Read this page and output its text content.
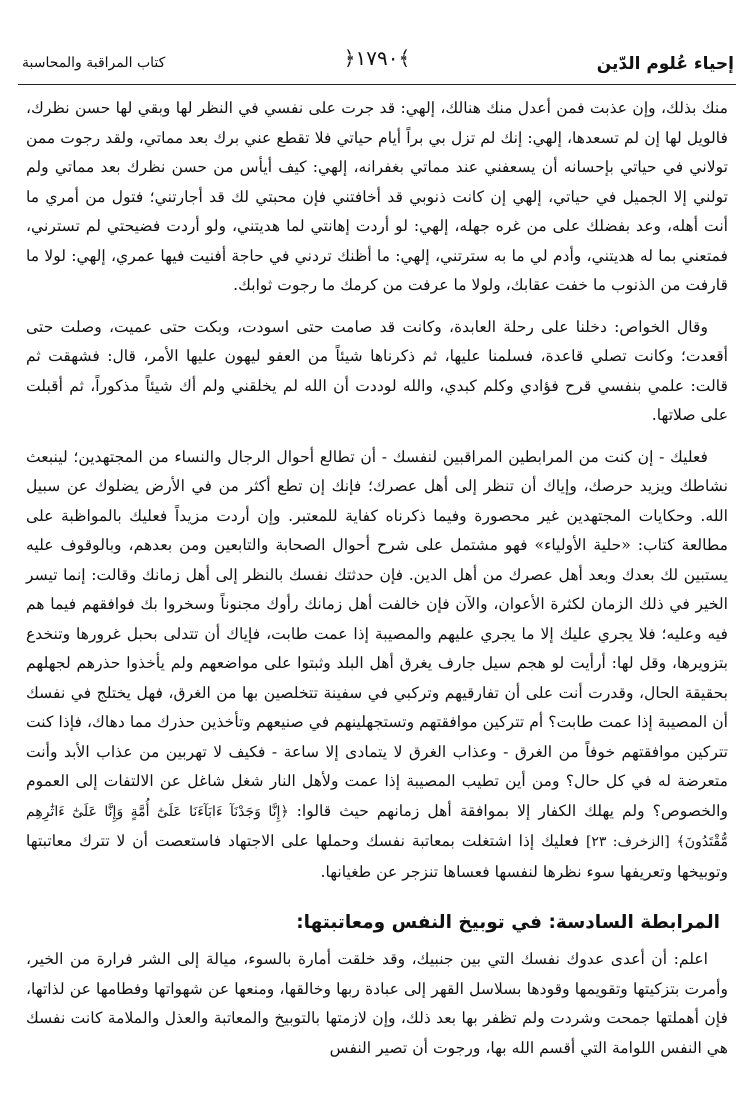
إحياء عُلوم الدّين
﴾١٧٩٠﴿
كتاب المراقبة والمحاسبة

منك بذلك، وإن عذبت فمن أعدل منك هنالك، إلهي: قد جرت على نفسي في النظر لها وبقي لها حسن نظرك، فالويل لها إن لم تسعدها، إلهي: إنك لم تزل بي براً أيام حياتي فلا تقطع عني برك بعد مماتي، ولقد رجوت ممن تولاني في حياتي بإحسانه أن يسعفني عند مماتي بغفرانه، إلهي: كيف أيأس من حسن نظرك بعد مماتي ولم تولني إلا الجميل في حياتي، إلهي إن كانت ذنوبي قد أخافتني فإن محبتي لك قد أجارتني؛ فتول من أمري ما أنت أهله، وعد بفضلك على من غره جهله، إلهي: لو أردت إهانتي لما هديتني، ولو أردت فضيحتي لم تسترني، فمتعني بما له هديتني، وأدم لي ما به سترتني، إلهي: ما أظنك تردني في حاجة أفنيت فيها عمري، إلهي: لولا ما قارفت من الذنوب ما خفت عقابك، ولولا ما عرفت من كرمك ما رجوت ثوابك.

وقال الخواص: دخلنا على رحلة العابدة، وكانت قد صامت حتى اسودت، وبكت حتى عميت، وصلت حتى أقعدت؛ وكانت تصلي قاعدة، فسلمنا عليها، ثم ذكرناها شيئاً من العفو ليهون عليها الأمر، قال: فشهقت ثم قالت: علمي بنفسي قرح فؤادي وكلم كبدي، والله لوددت أن الله لم يخلقني ولم أك شيئاً مذكوراً، ثم أقبلت على صلاتها.

فعليك - إن كنت من المرابطين المراقبين لنفسك - أن تطالع أحوال الرجال والنساء من المجتهدين؛ لينبعث نشاطك ويزيد حرصك، وإياك أن تنظر إلى أهل عصرك؛ فإنك إن تطع أكثر من في الأرض يضلوك عن سبيل الله. وحكايات المجتهدين غير محصورة وفيما ذكرناه كفاية للمعتبر. وإن أردت مزيداً فعليك بالمواظبة على مطالعة كتاب: «حلية الأولياء» فهو مشتمل على شرح أحوال الصحابة والتابعين ومن بعدهم، وبالوقوف عليه يستبين لك بعدك وبعد أهل عصرك من أهل الدين. فإن حدثتك نفسك بالنظر إلى أهل زمانك وقالت: إنما تيسر الخير في ذلك الزمان لكثرة الأعوان، والآن فإن خالفت أهل زمانك رأوك مجنوناً وسخروا بك فوافقهم فيما هم فيه وعليه؛ فلا يجري عليك إلا ما يجري عليهم والمصيبة إذا عمت طابت، فإياك أن تتدلى بحبل غرورها وتنخدع بتزويرها، وقل لها: أرأيت لو هجم سيل جارف يغرق أهل البلد وثبتوا على مواضعهم ولم يأخذوا حذرهم لجهلهم بحقيقة الحال، وقدرت أنت على أن تفارقيهم وتركبي في سفينة تتخلصين بها من الغرق، فهل يختلج في نفسك أن المصيبة إذا عمت طابت؟ أم تتركين موافقتهم وتستجهلينهم في صنيعهم وتأخذين حذرك مما دهاك، فإذا كنت تتركين موافقتهم خوفاً من الغرق - وعذاب الغرق لا يتمادى إلا ساعة - فكيف لا تهربين من عذاب الأبد وأنت متعرضة له في كل حال؟ ومن أين تطيب المصيبة إذا عمت ولأهل النار شغل شاغل عن الالتفات إلى العموم والخصوص؟ ولم يهلك الكفار إلا بموافقة أهل زمانهم حيث قالوا: ﴿إِنَّا وَجَدْنَآ ءَابَآءَنَا عَلَىٰٓ أُمَّةٍ وَإِنَّا عَلَىٰٓ ءَاثَٰرِهِم مُّقْتَدُونَ﴾ [الزخرف: ٢٣] فعليك إذا اشتغلت بمعاتبة نفسك وحملها على الاجتهاد فاستعصت أن لا تترك معاتبتها وتوبيخها وتعريفها سوء نظرها لنفسها فعساها تنزجر عن طغيانها.

المرابطة السادسة: في توبيخ النفس ومعاتبتها:

اعلم: أن أعدى عدوك نفسك التي بين جنبيك، وقد خلقت أمارة بالسوء، ميالة إلى الشر فرارة من الخير، وأمرت بتزكيتها وتقويمها وقودها بسلاسل القهر إلى عبادة ربها وخالقها، ومنعها عن شهواتها وفطامها عن لذاتها، فإن أهملتها جمحت وشردت ولم تظفر بها بعد ذلك، وإن لازمتها بالتوبيخ والمعاتبة والعذل والملامة كانت نفسك هي النفس اللوامة التي أقسم الله بها، ورجوت أن تصير النفس
